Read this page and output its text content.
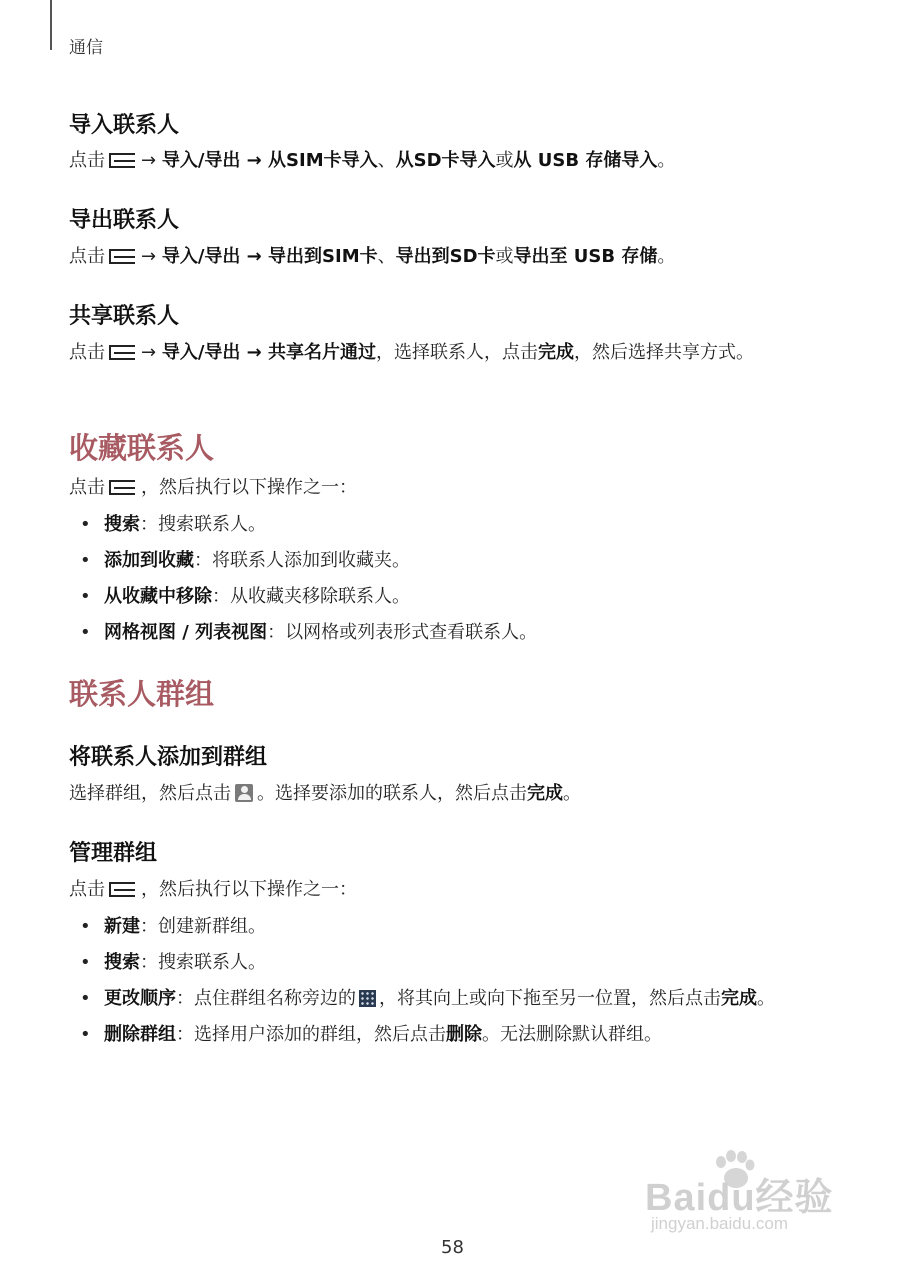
通信
导入联系人
点击 → 导入/导出 → 从SIM卡导入、从SD卡导入或从 USB 存储导入。
导出联系人
点击 → 导入/导出 → 导出到SIM卡、导出到SD卡或导出至 USB 存储。
共享联系人
点击 → 导入/导出 → 共享名片通过，选择联系人，点击完成，然后选择共享方式。
收藏联系人
点击 ，然后执行以下操作之一：
• 搜索：搜索联系人。
• 添加到收藏：将联系人添加到收藏夹。
• 从收藏中移除：从收藏夹移除联系人。
• 网格视图 / 列表视图：以网格或列表形式查看联系人。
联系人群组
将联系人添加到群组
选择群组，然后点击 。选择要添加的联系人，然后点击完成。
管理群组
点击 ，然后执行以下操作之一：
• 新建：创建新群组。
• 搜索：搜索联系人。
• 更改顺序：点住群组名称旁边的 ，将其向上或向下拖至另一位置，然后点击完成。
• 删除群组：选择用户添加的群组，然后点击删除。无法删除默认群组。
Baidu经验
jingyan.baidu.com
58
